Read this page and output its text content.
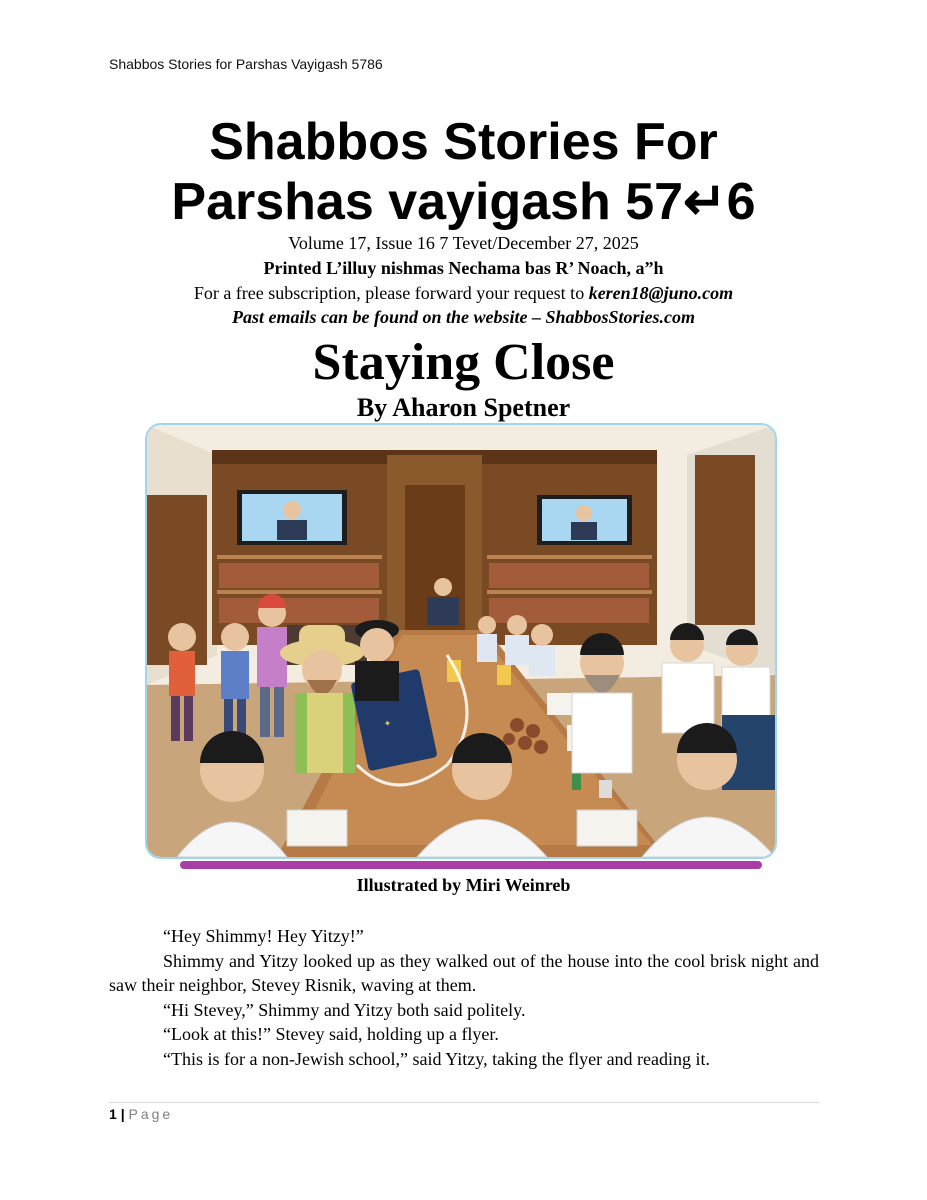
Shabbos Stories for Parshas Vayigash 5786
Shabbos Stories For
Parshas vayigash 57↵6
Volume 17, Issue 16 7 Tevet/December 27, 2025
Printed L’illuy nishmas Nechama bas R’ Noach, a”h
For a free subscription, please forward your request to keren18@juno.com
Past emails can be found on the website – ShabbosStories.com
Staying Close
By Aharon Spetner
✦
Illustrated by Miri Weinreb

“Hey Shimmy! Hey Yitzy!”

Shimmy and Yitzy looked up as they walked out of the house into the cool brisk night and saw their neighbor, Stevey Risnik, waving at them.

“Hi Stevey,” Shimmy and Yitzy both said politely.

“Look at this!” Stevey said, holding up a flyer.

“This is for a non-Jewish school,” said Yitzy, taking the flyer and reading it.

1 | Page
